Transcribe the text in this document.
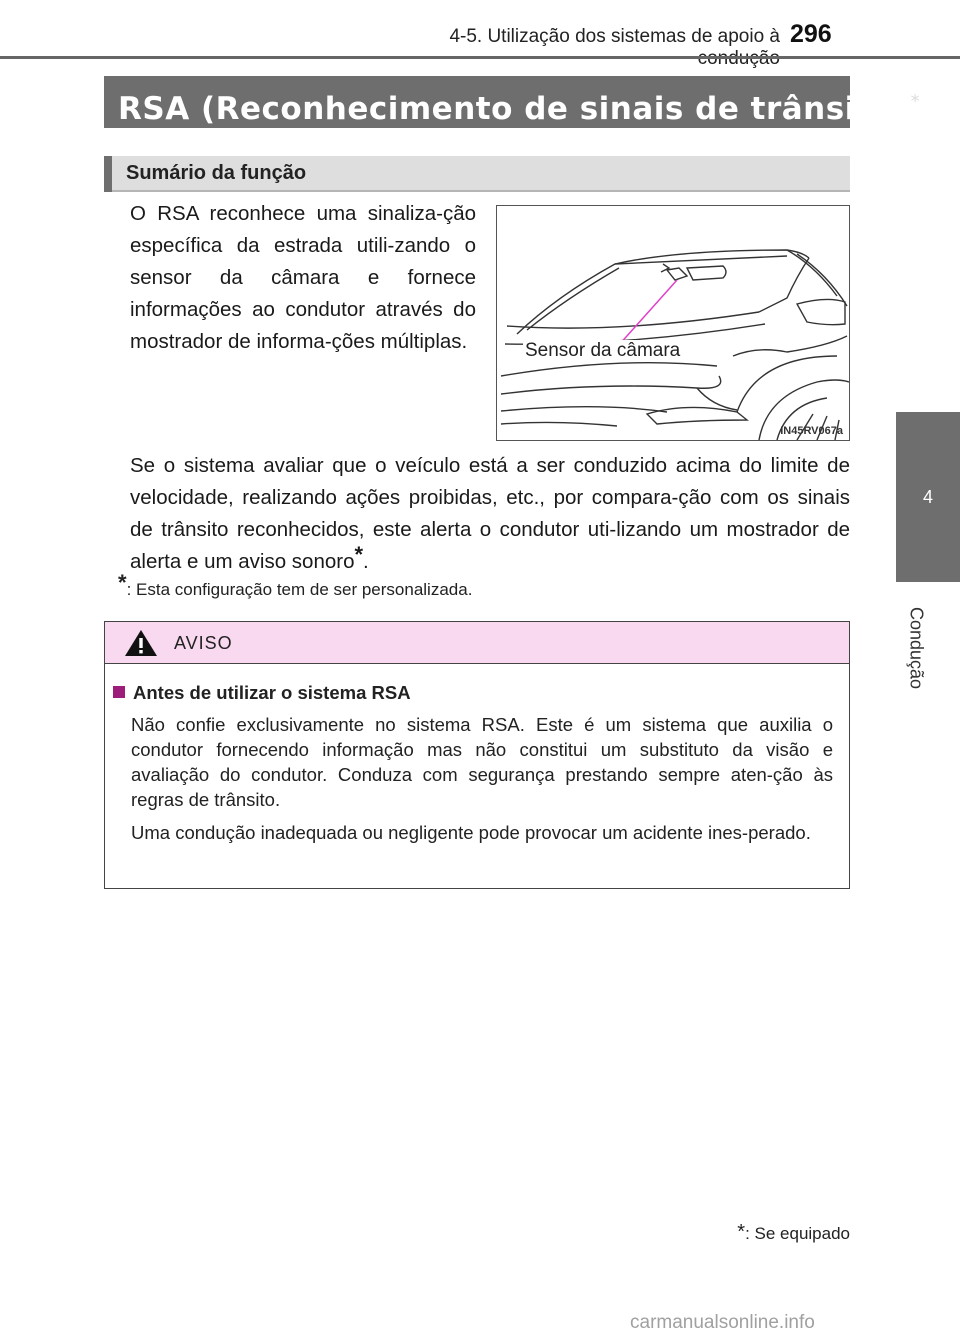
4-5. Utilização dos sistemas de apoio à 296
4
Condução
RSA (Reconhecimento de sinais de trânsito) *
Sumário da função
O RSA reconhece uma sinaliza-ção específica da estrada utili-zando o sensor da câmara e fornece informações ao condutor através do mostrador de informa-ções múltiplas.	Sensor da câmara
IN45RV067a
Se o sistema avaliar que o veículo está a ser conduzido acima do limite de velocidade, realizando ações proibidas, etc., por compara-ção com os sinais de trânsito reconhecidos, este alerta o condutor uti-lizando um mostrador de alerta e um aviso sonoro*.
*: Esta configuração tem de ser personalizada.
AVISO
Antes de utilizar o sistema RSA

Não confie exclusivamente no sistema RSA. Este é um sistema que auxilia o condutor fornecendo informação mas não constitui um substituto da visão e avaliação do condutor. Conduza com segurança prestando sempre aten-ção às regras de trânsito.

Uma condução inadequada ou negligente pode provocar um acidente ines-perado.

*: Se equipado
carmanualsonline.info
